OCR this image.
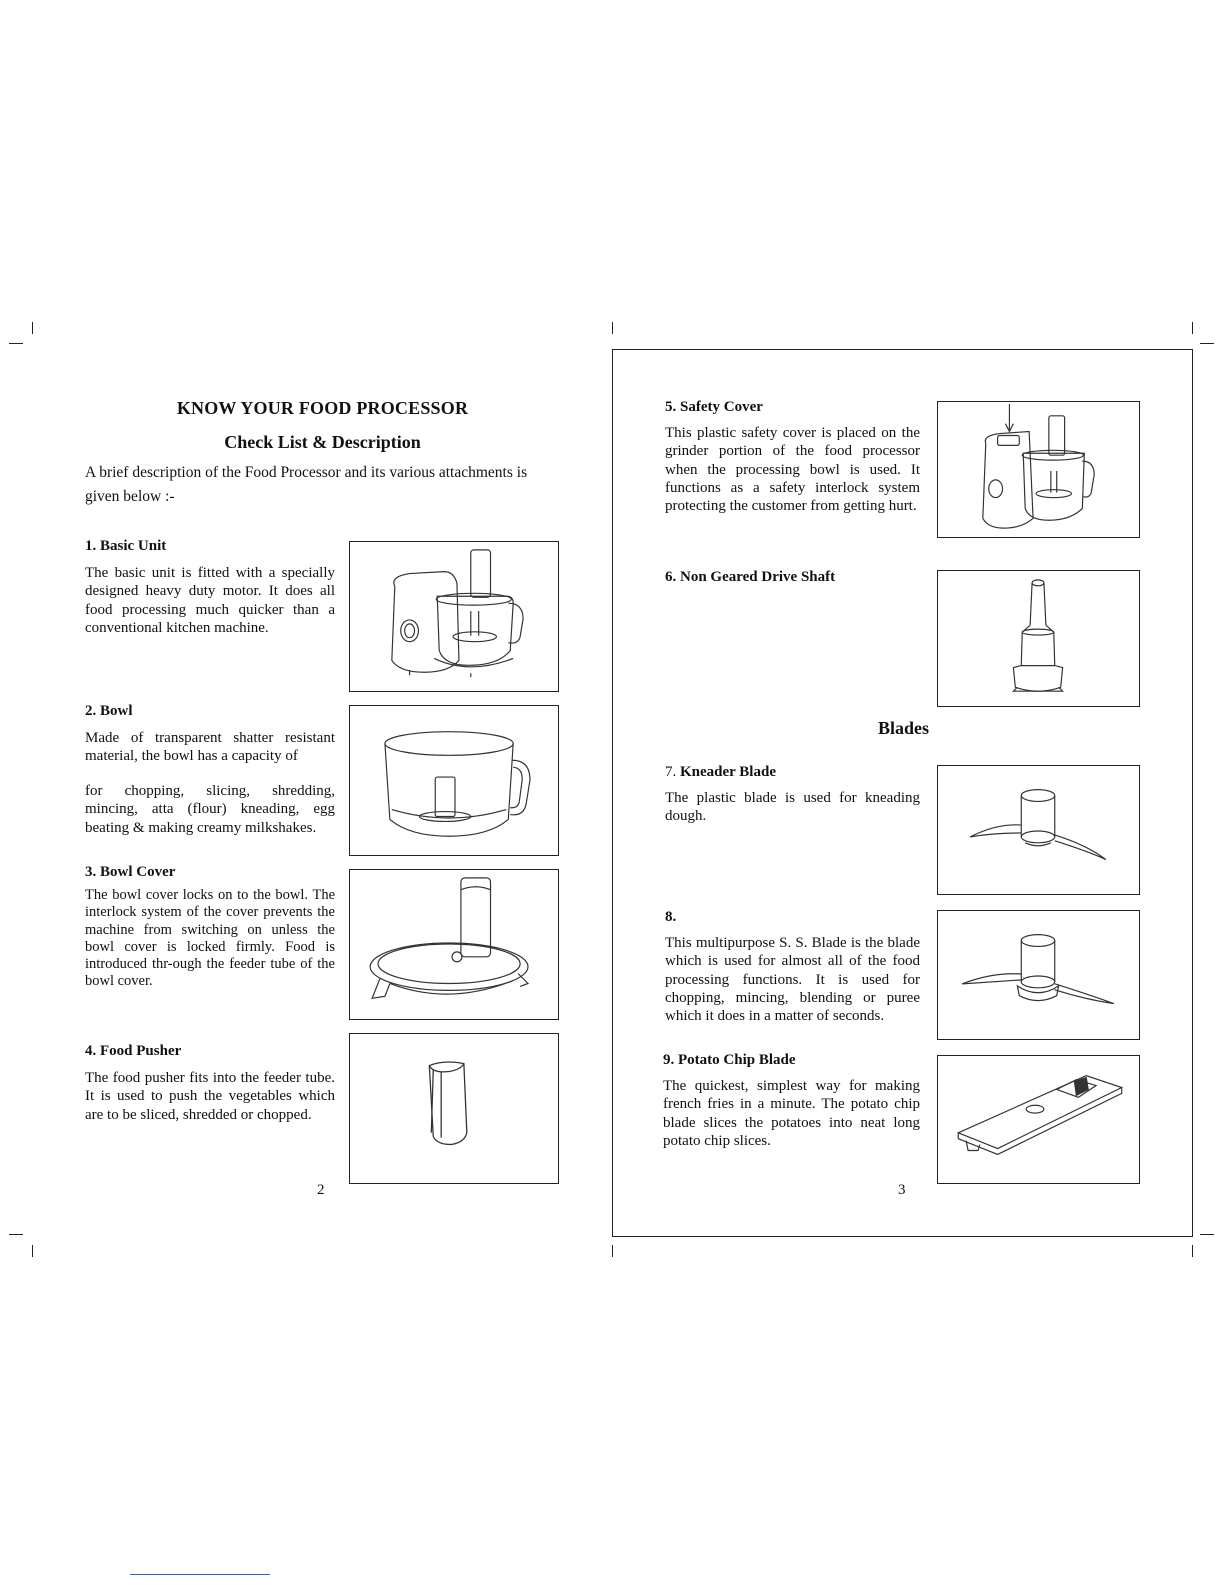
KNOW YOUR FOOD PROCESSOR
Check List & Description
A brief description of the Food Processor and its various attachments is given below :-
1. Basic Unit
The basic unit is fitted with a specially designed heavy duty motor. It does all food processing much quicker than a conventional kitchen machine.
2. Bowl
Made of transparent shatter resistant material, the bowl has a capacity of
for chopping, slicing, shredding, mincing, atta (flour) kneading, egg beating & making creamy milkshakes.
3. Bowl Cover
The bowl cover locks on to the bowl. The interlock system of the cover prevents the machine from switching on unless the bowl cover is locked firmly. Food is introduced thr-ough the feeder tube of the bowl cover.
4. Food Pusher
The food pusher fits into the feeder tube. It is used to push the vegetables which are to be sliced, shredded or chopped.
2
5. Safety Cover
This plastic safety cover is placed on the grinder portion of the food processor when the processing bowl is used. It functions as a safety interlock system protecting the customer from getting hurt.
6. Non Geared Drive Shaft
Blades
7. Kneader Blade
The plastic blade is used for kneading dough.
8.
This multipurpose S. S. Blade is the blade which is used for almost all of the food processing functions. It is used for chopping, mincing, blending or puree which it does in a matter of seconds.
9. Potato Chip Blade
The quickest, simplest way for making french fries in a minute. The potato chip blade slices the potatoes into neat long potato chip slices.
3
